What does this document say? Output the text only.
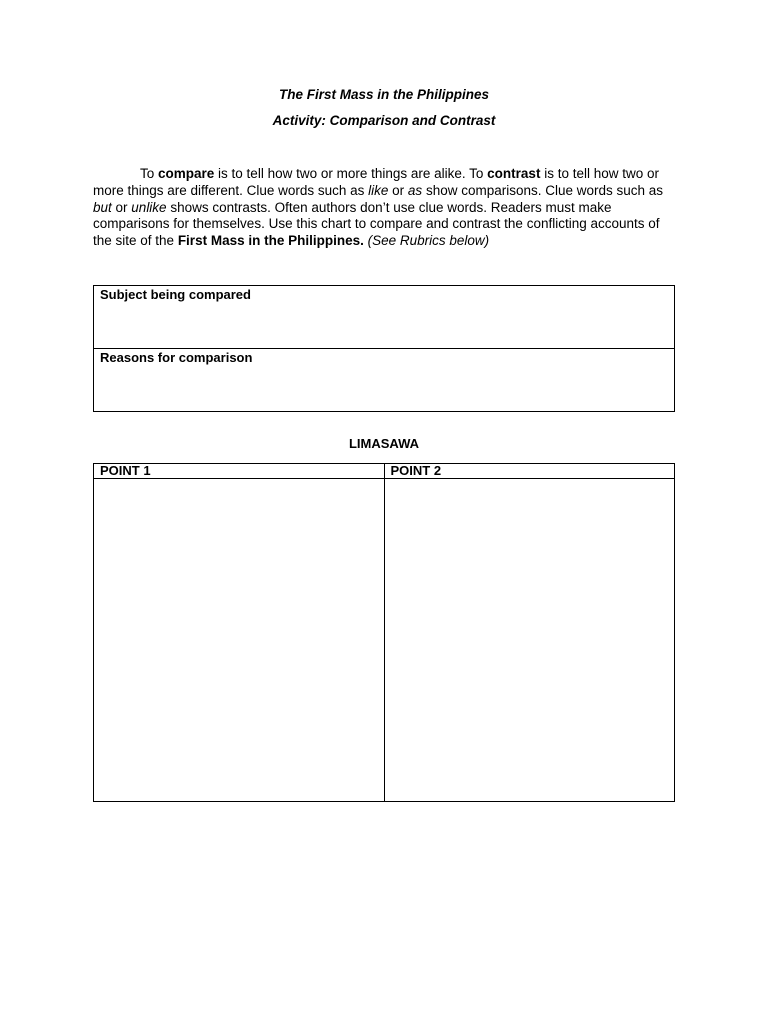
The First Mass in the Philippines

Activity: Comparison and Contrast

To compare is to tell how two or more things are alike. To contrast is to tell how two or more things are different. Clue words such as like or as show comparisons. Clue words such as but or unlike shows contrasts. Often authors don’t use clue words. Readers must make comparisons for themselves. Use this chart to compare and contrast the conflicting accounts of the site of the First Mass in the Philippines. (See Rubrics below)

Subject being compared

Reasons for comparison

LIMASAWA

POINT 1	POINT 2
